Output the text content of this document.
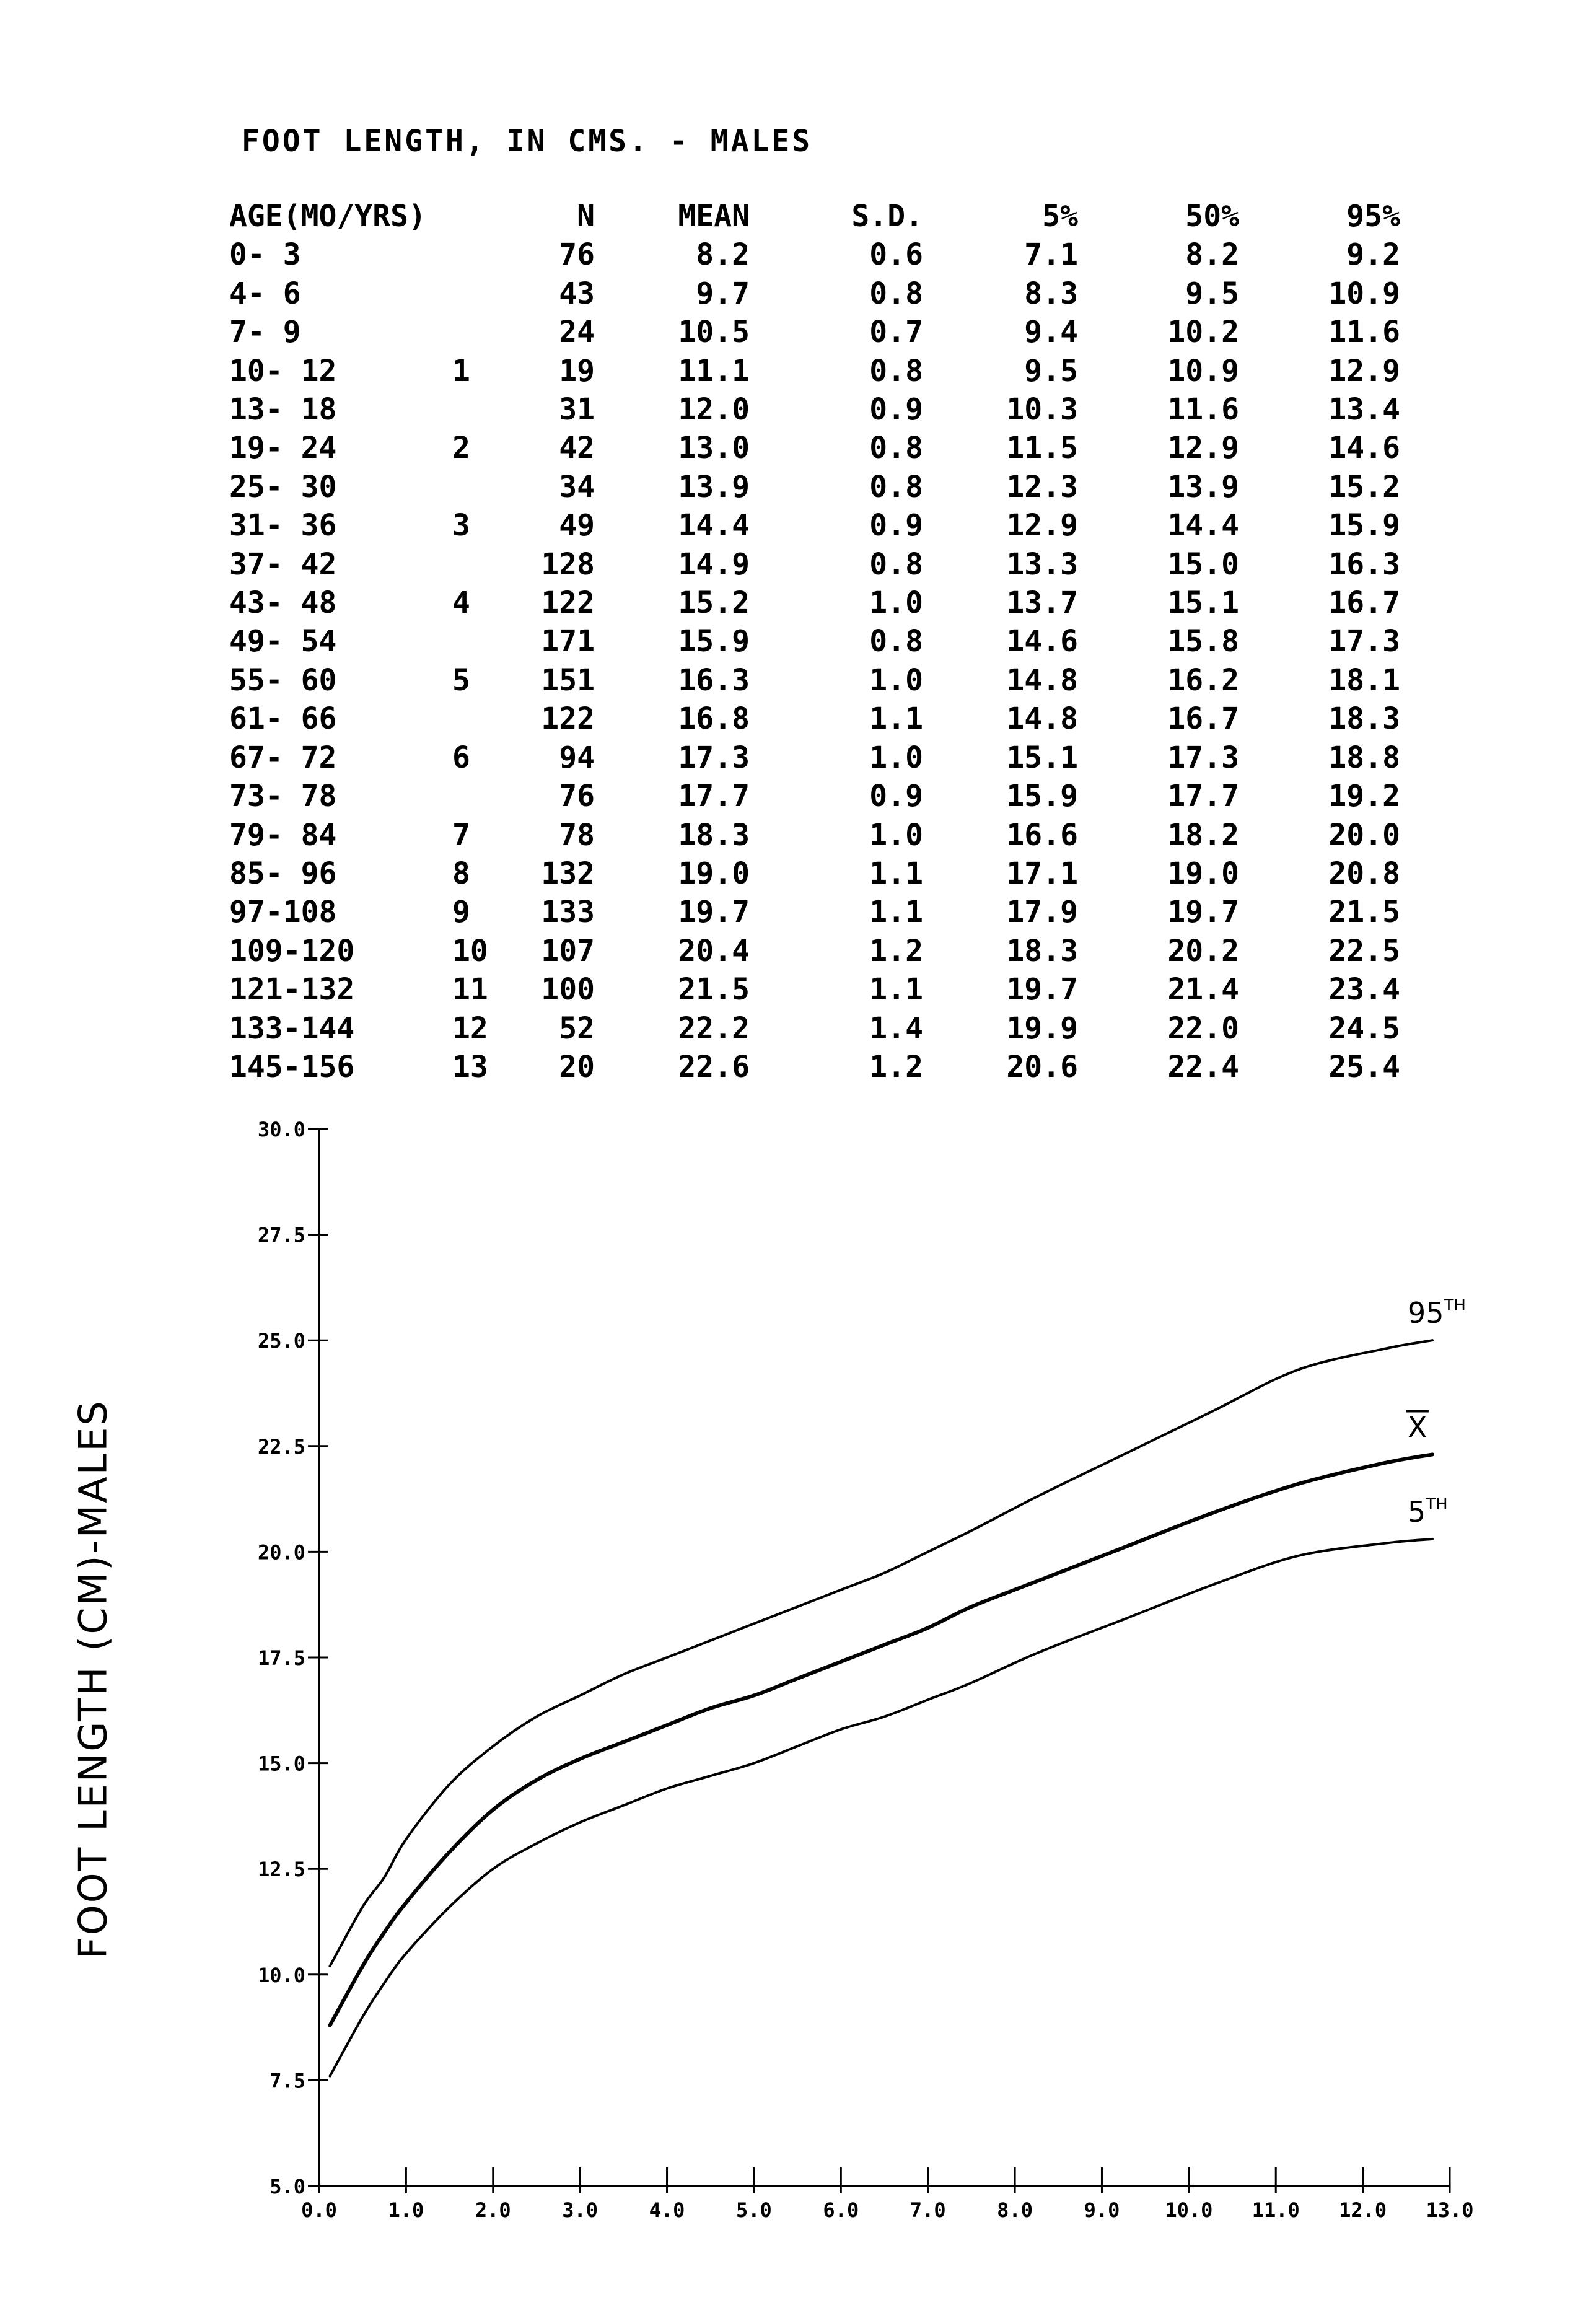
FOOT LENGTH, IN CMS. - MALES
AGE(MO/YRS)		N	MEAN	S.D.	5%	50%	95%
0- 3		76	8.2	0.6	7.1	8.2	9.2
4- 6		43	9.7	0.8	8.3	9.5	10.9
7- 9		24	10.5	0.7	9.4	10.2	11.6
10- 12	1	19	11.1	0.8	9.5	10.9	12.9
13- 18		31	12.0	0.9	10.3	11.6	13.4
19- 24	2	42	13.0	0.8	11.5	12.9	14.6
25- 30		34	13.9	0.8	12.3	13.9	15.2
31- 36	3	49	14.4	0.9	12.9	14.4	15.9
37- 42		128	14.9	0.8	13.3	15.0	16.3
43- 48	4	122	15.2	1.0	13.7	15.1	16.7
49- 54		171	15.9	0.8	14.6	15.8	17.3
55- 60	5	151	16.3	1.0	14.8	16.2	18.1
61- 66		122	16.8	1.1	14.8	16.7	18.3
67- 72	6	94	17.3	1.0	15.1	17.3	18.8
73- 78		76	17.7	0.9	15.9	17.7	19.2
79- 84	7	78	18.3	1.0	16.6	18.2	20.0
85- 96	8	132	19.0	1.1	17.1	19.0	20.8
97-108	9	133	19.7	1.1	17.9	19.7	21.5
109-120	10	107	20.4	1.2	18.3	20.2	22.5
121-132	11	100	21.5	1.1	19.7	21.4	23.4
133-144	12	52	22.2	1.4	19.9	22.0	24.5
145-156	13	20	22.6	1.2	20.6	22.4	25.4
5.0
7.5
10.0
12.5
15.0
17.5
20.0
22.5
25.0
27.5
30.0
0.0	1.0	2.0	3.0	4.0	5.0	6.0	7.0	8.0	9.0 10.0 11.0 12.0 13.0
95TH
X
5TH
FOOT LENGTH (CM)-MALES
